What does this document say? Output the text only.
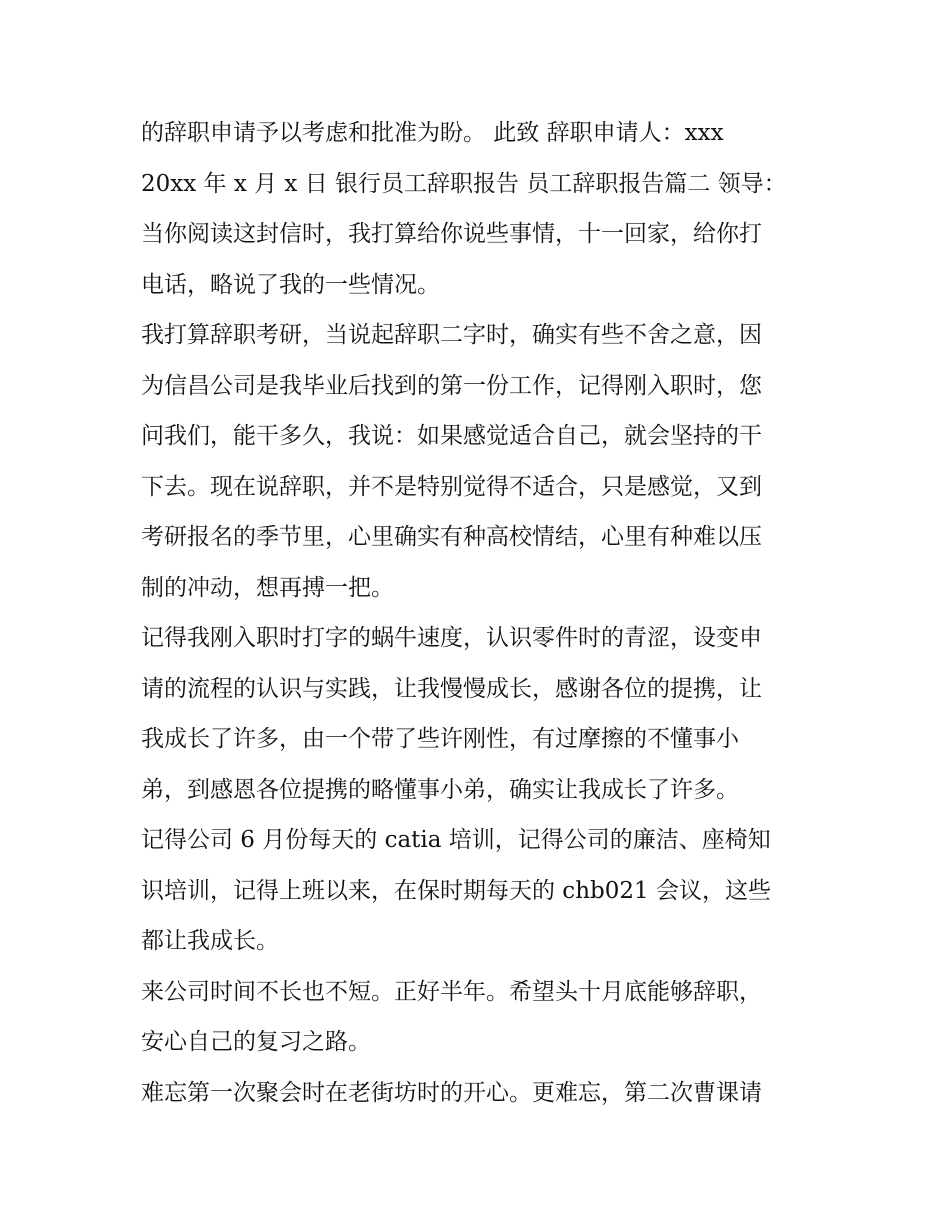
的辞职申请予以考虑和批准为盼。 此致 辞职申请人：xxx
20xx 年 x 月 x 日 银行员工辞职报告 员工辞职报告篇二 领导：
当你阅读这封信时，我打算给你说些事情，十一回家，给你打
电话，略说了我的一些情况。
我打算辞职考研，当说起辞职二字时，确实有些不舍之意，因
为信昌公司是我毕业后找到的第一份工作，记得刚入职时，您
问我们，能干多久，我说：如果感觉适合自己，就会坚持的干
下去。现在说辞职，并不是特别觉得不适合，只是感觉，又到
考研报名的季节里，心里确实有种高校情结，心里有种难以压
制的冲动，想再搏一把。
记得我刚入职时打字的蜗牛速度，认识零件时的青涩，设变申
请的流程的认识与实践，让我慢慢成长，感谢各位的提携，让
我成长了许多，由一个带了些许刚性，有过摩擦的不懂事小
弟，到感恩各位提携的略懂事小弟，确实让我成长了许多。
记得公司 6 月份每天的 catia 培训，记得公司的廉洁、座椅知
识培训，记得上班以来，在保时期每天的 chb021 会议，这些
都让我成长。
来公司时间不长也不短。正好半年。希望头十月底能够辞职，
安心自己的复习之路。
难忘第一次聚会时在老街坊时的开心。更难忘，第二次曹课请
